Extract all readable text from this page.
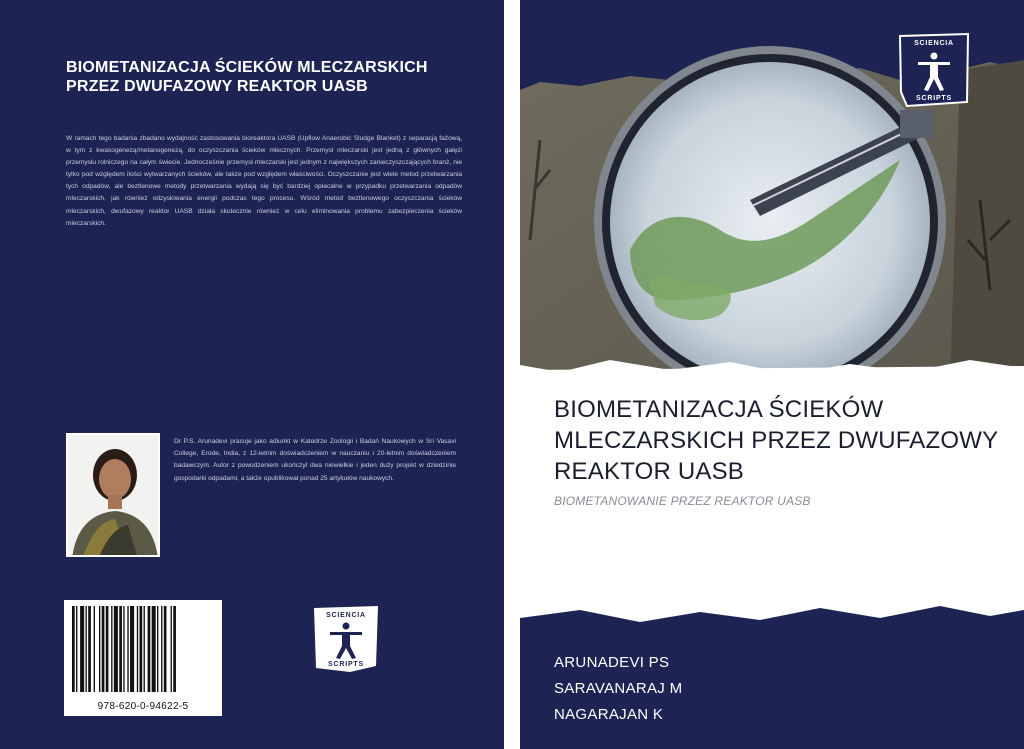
BIOMETANIZACJA ŚCIEKÓW MLECZARSKICH PRZEZ DWUFAZOWY REAKTOR UASB
W ramach tego badania zbadano wydajność zastosowania bioreaktora UASB (Upflow Anaerobic Sludge Blanket) z separacją faźową, w tym z kwasogenezą/metanogenezą, do oczyszczania ścieków mlecznych. Przemysł mleczarski jest jedną z głównych gałęzi przemysłu rolniczego na całym świecie. Jednocześnie przemysł mleczarski jest jednym z największych zanieczyszczających branż, nie tylko pod względem ilości wytwarzanych ścieków, ale także pod względem właściwości. Oczyszczanie jest wiele metod przetwarzania tych odpadów, ale beztlenowe metody przetwarzania wydają się być bardziej opłacalne w przypadku przetwarzania odpadów mleczarskich, jak również odzyskiwania energii podczas tego procesu. Wśród metod beztlenowego oczyszczania ścieków mleczarskich, dwufazowy reaktor UASB działa skutecznie również w celu eliminowania problemu zabezpieczenia ścieków mleczarskich.
Dr P.S. Arunadevi pracuje jako adiunkt w Katedrze Zoologii i Badań Naukowych w Sri Vasavi College, Erode, India, z 12-letnim doświadczeniem w nauczaniu i 20-letnim doświadczeniem badawczym. Autor z powodzeniem ukończył dwa niewielkie i jeden duży projekt w dziedzinie gospodarki odpadami, a także opublikował ponad 25 artykułów naukowych.
978-620-0-94622-5
SCIENCIA
SCRIPTS
SCIENCIA
SCRIPTS
BIOMETANIZACJA ŚCIEKÓW MLECZARSKICH PRZEZ DWUFAZOWY REAKTOR UASB
BIOMETANOWANIE PRZEZ REAKTOR UASB
ARUNADEVI PS
SARAVANARAJ M
NAGARAJAN K
